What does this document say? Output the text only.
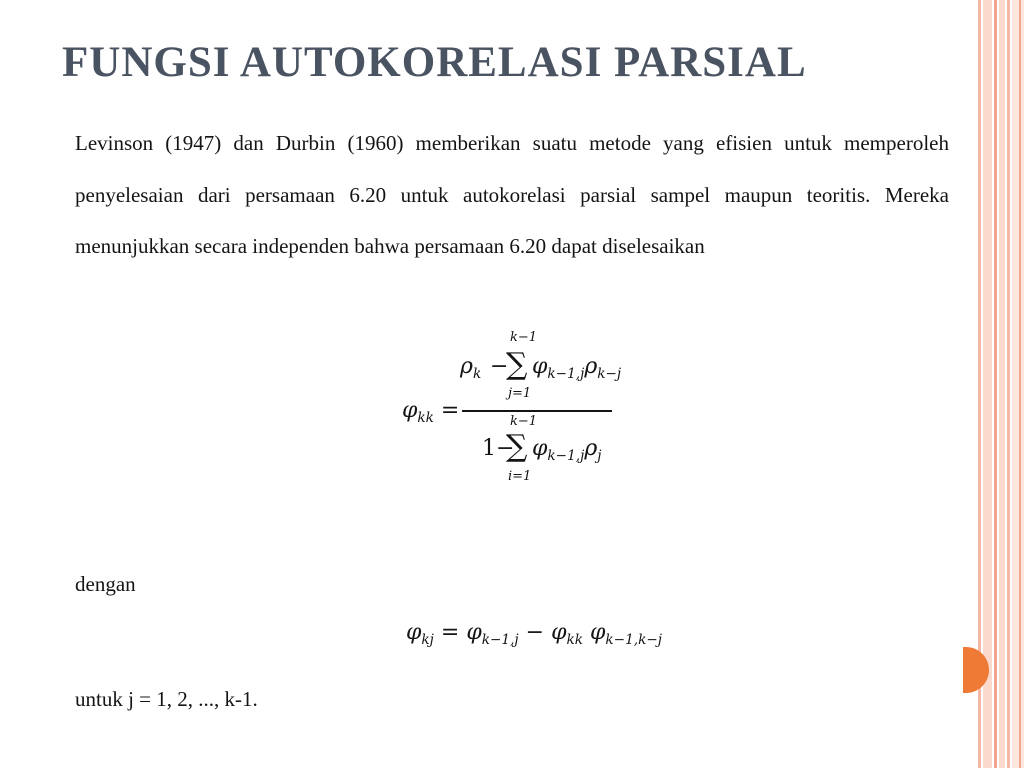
FUNGSI AUTOKORELASI PARSIAL

Levinson (1947) dan Durbin (1960) memberikan suatu metode yang efisien untuk memperoleh penyelesaian dari persamaan 6.20 untuk autokorelasi parsial sampel maupun teoritis. Mereka menunjukkan secara independen bahwa persamaan 6.20 dapat diselesaikan

$\varphi_{kk}$ =
$\rho_k$ −
k−1
∑
j=1
$\varphi_{k-1,j}\rho_{k-j}$
1−
k−1
∑
i=1
$\varphi_{k-1,j}\rho_j$

dengan

$\varphi_{kj} = \varphi_{k-1,j} - \varphi_{kk}$ $\varphi_{k-1,k-j}$

untuk j = 1, 2, ..., k-1.
